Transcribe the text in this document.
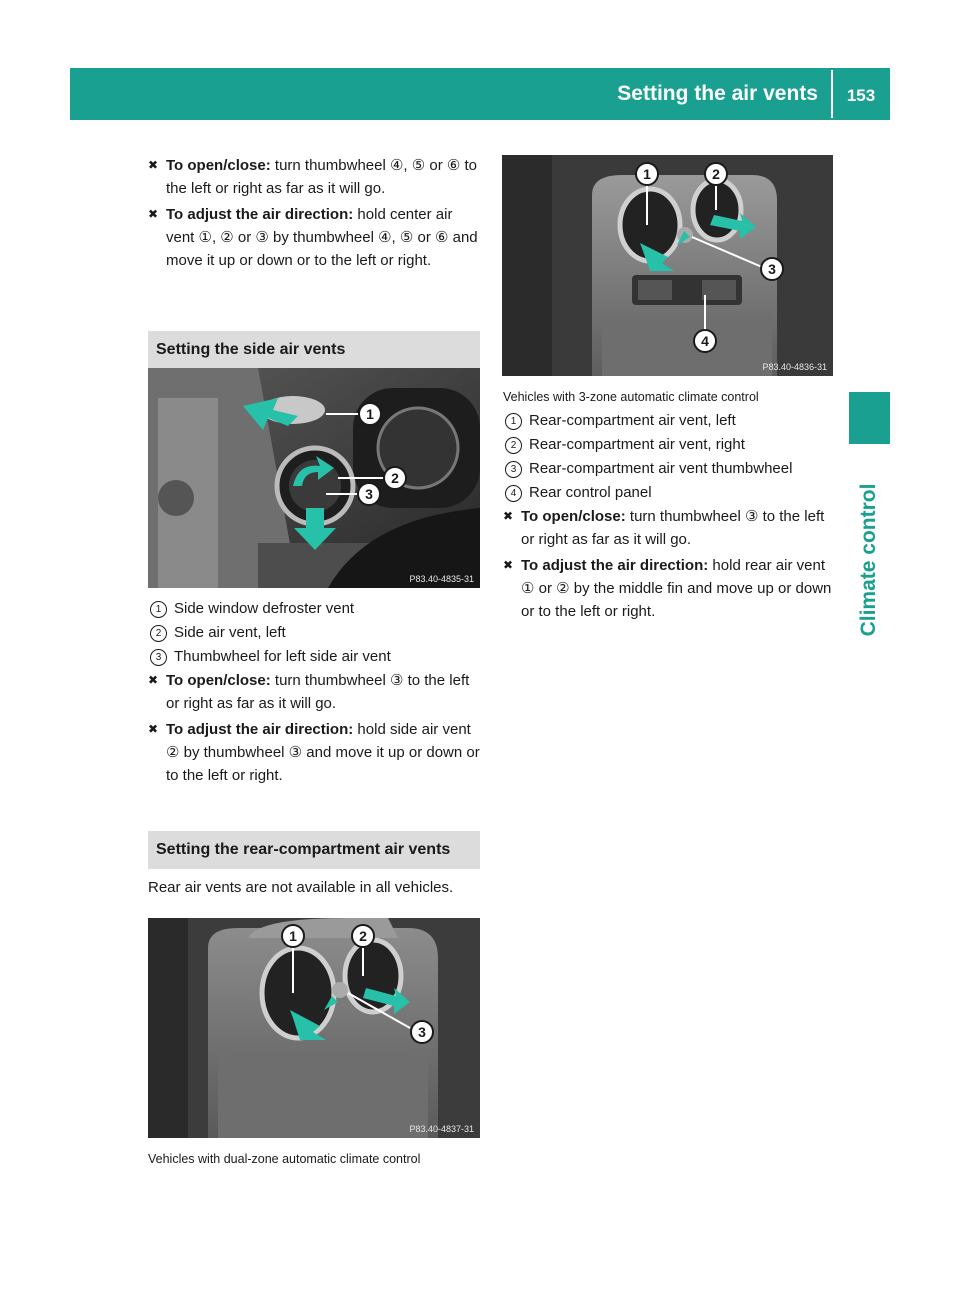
Setting the air vents	153
Climate control
✖ To open/close: turn thumbwheel ④, ⑤ or ⑥ to the left or right as far as it will go.
✖ To adjust the air direction: hold center air vent ①, ② or ③ by thumbwheel ④, ⑤ or ⑥ and move it up or down or to the left or right.
Setting the side air vents
1
2
3
P83.40-4835-31
1 Side window defroster vent
2 Side air vent, left
3 Thumbwheel for left side air vent
✖ To open/close: turn thumbwheel ③ to the left or right as far as it will go.
✖ To adjust the air direction: hold side air vent ② by thumbwheel ③ and move it up or down or to the left or right.
Setting the rear-compartment air vents
Rear air vents are not available in all vehicles.
1	2
3
P83.40-4837-31
Vehicles with dual-zone automatic climate control
1	2
3
4
P83.40-4836-31
Vehicles with 3-zone automatic climate control
1 Rear-compartment air vent, left
2 Rear-compartment air vent, right
3 Rear-compartment air vent thumbwheel
4 Rear control panel
✖ To open/close: turn thumbwheel ③ to the left or right as far as it will go.
✖ To adjust the air direction: hold rear air vent ① or ② by the middle fin and move up or down or to the left or right.
